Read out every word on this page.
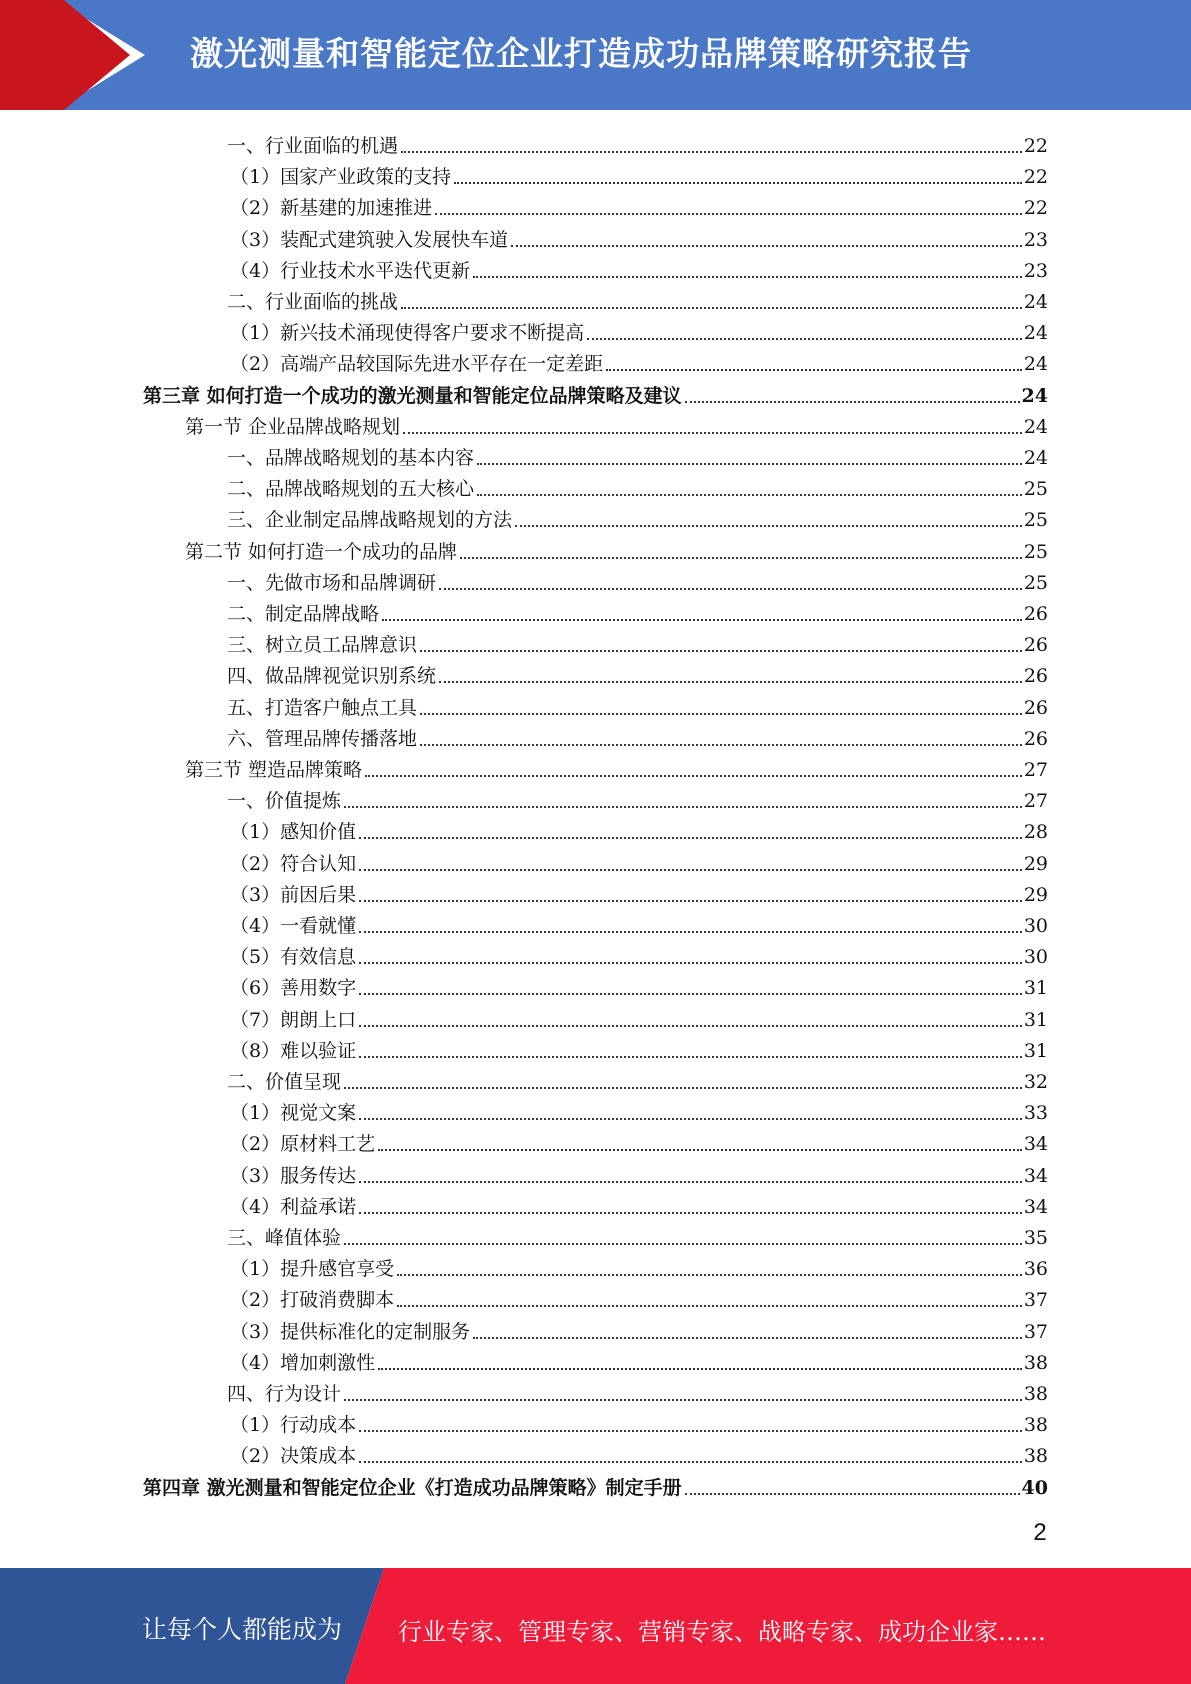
激光测量和智能定位企业打造成功品牌策略研究报告
一、行业面临的机遇	22
（1）国家产业政策的支持	22
（2）新基建的加速推进	22
（3）装配式建筑驶入发展快车道	23
（4）行业技术水平迭代更新	23
二、行业面临的挑战	24
（1）新兴技术涌现使得客户要求不断提高	24
（2）高端产品较国际先进水平存在一定差距	24
第三章 如何打造一个成功的激光测量和智能定位品牌策略及建议	24
第一节 企业品牌战略规划	24
一、品牌战略规划的基本内容	24
二、品牌战略规划的五大核心	25
三、企业制定品牌战略规划的方法	25
第二节 如何打造一个成功的品牌	25
一、先做市场和品牌调研	25
二、制定品牌战略	26
三、树立员工品牌意识	26
四、做品牌视觉识别系统	26
五、打造客户触点工具	26
六、管理品牌传播落地	26
第三节 塑造品牌策略	27
一、价值提炼	27
（1）感知价值	28
（2）符合认知	29
（3）前因后果	29
（4）一看就懂	30
（5）有效信息	30
（6）善用数字	31
（7）朗朗上口	31
（8）难以验证	31
二、价值呈现	32
（1）视觉文案	33
（2）原材料工艺	34
（3）服务传达	34
（4）利益承诺	34
三、峰值体验	35
（1）提升感官享受	36
（2）打破消费脚本	37
（3）提供标准化的定制服务	37
（4）增加刺激性	38
四、行为设计	38
（1）行动成本	38
（2）决策成本	38
第四章 激光测量和智能定位企业《打造成功品牌策略》制定手册	40
2
让每个人都能成为 行业专家、管理专家、营销专家、战略专家、成功企业家……
